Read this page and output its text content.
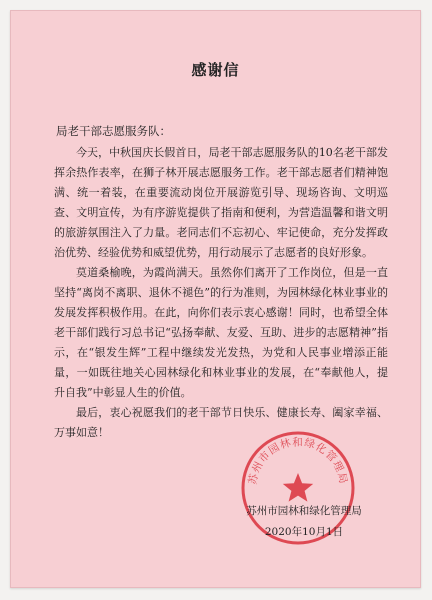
感谢信
局老干部志愿服务队：

今天，中秋国庆长假首日，局老干部志愿服务队的10名老干部发挥余热作表率，在狮子林开展志愿服务工作。老干部志愿者们精神饱满、统一着装，在重要流动岗位开展游览引导、现场咨询、文明巡查、文明宣传，为有序游览提供了指南和便利，为营造温馨和谐文明的旅游氛围注入了力量。老同志们不忘初心、牢记使命，充分发挥政治优势、经验优势和威望优势，用行动展示了志愿者的良好形象。

莫道桑榆晚，为霞尚满天。虽然你们离开了工作岗位，但是一直坚持“离岗不离职、退休不褪色”的行为准则，为园林绿化林业事业的发展发挥积极作用。在此，向你们表示衷心感谢！同时，也希望全体老干部们践行习总书记“弘扬奉献、友爱、互助、进步的志愿精神”指示，在“银发生辉”工程中继续发光发热，为党和人民事业增添正能量，一如既往地关心园林绿化和林业事业的发展，在“奉献他人，提升自我”中彰显人生的价值。

最后，衷心祝愿我们的老干部节日快乐、健康长寿、阖家幸福、万事如意！

苏州市园林和绿化管理局
苏州市园林和绿化管理局
2020年10月1日
